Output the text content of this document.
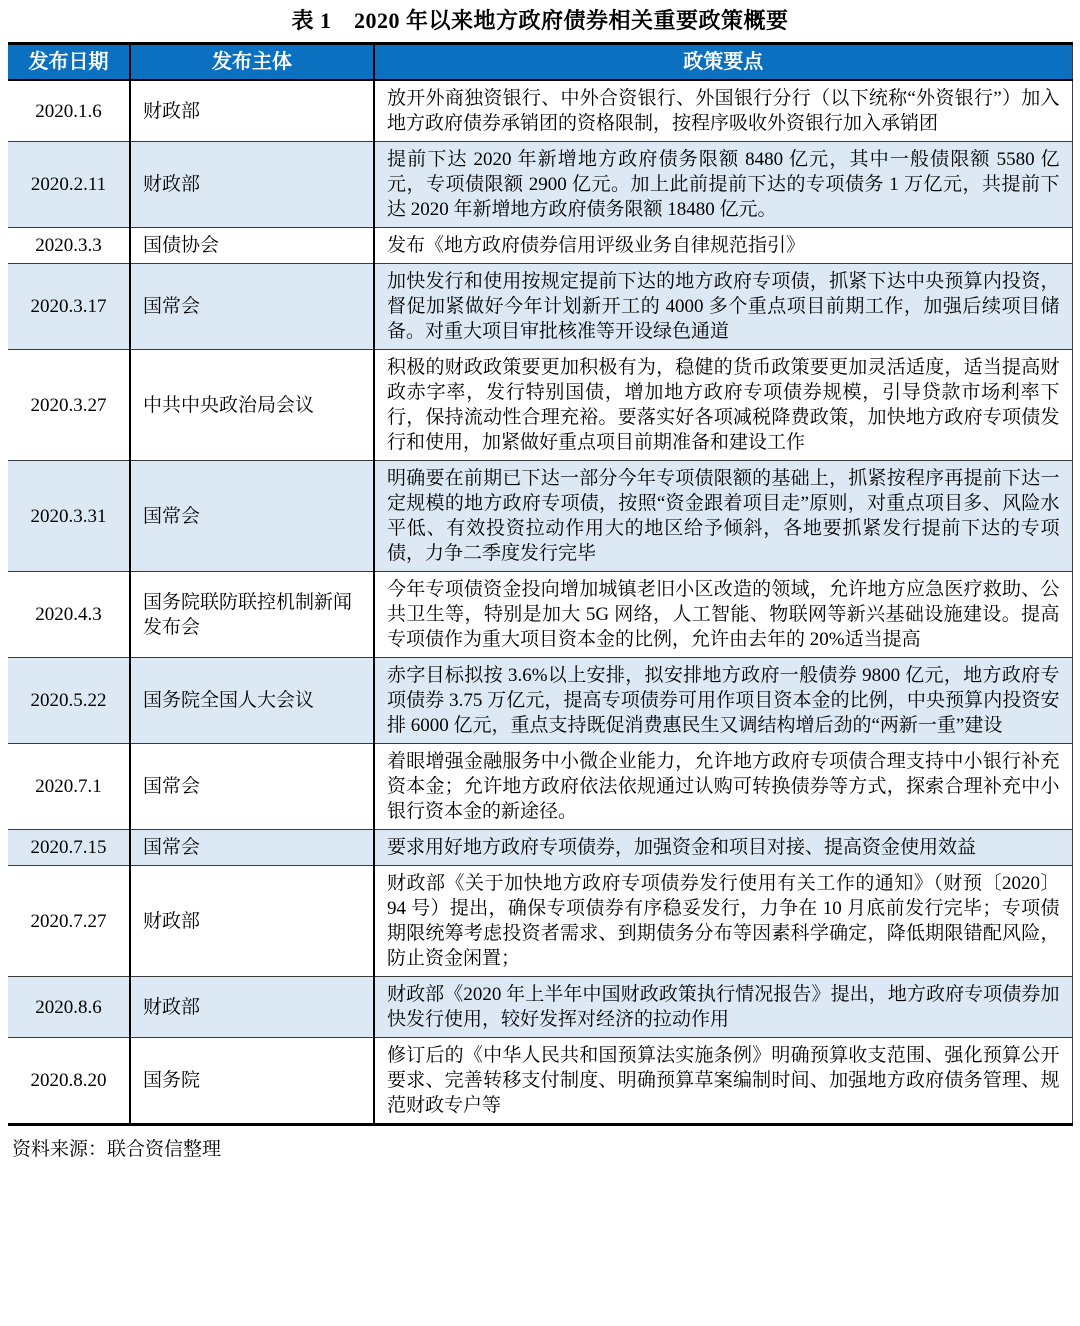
表 1　2020 年以来地方政府债券相关重要政策概要
发布日期	发布主体	政策要点
2020.1.6	财政部	放开外商独资银行、中外合资银行、外国银行分行（以下统称“外资银行”）加入地方政府债券承销团的资格限制，按程序吸收外资银行加入承销团
2020.2.11	财政部	提前下达 2020 年新增地方政府债务限额 8480 亿元，其中一般债限额 5580 亿元，专项债限额 2900 亿元。加上此前提前下达的专项债务 1 万亿元，共提前下达 2020 年新增地方政府债务限额 18480 亿元。
2020.3.3	国债协会	发布《地方政府债券信用评级业务自律规范指引》
2020.3.17	国常会	加快发行和使用按规定提前下达的地方政府专项债，抓紧下达中央预算内投资，督促加紧做好今年计划新开工的 4000 多个重点项目前期工作，加强后续项目储备。对重大项目审批核准等开设绿色通道
2020.3.27	中共中央政治局会议	积极的财政政策要更加积极有为，稳健的货币政策要更加灵活适度，适当提高财政赤字率，发行特别国债，增加地方政府专项债券规模，引导贷款市场利率下行，保持流动性合理充裕。要落实好各项减税降费政策，加快地方政府专项债发行和使用，加紧做好重点项目前期准备和建设工作
2020.3.31	国常会	明确要在前期已下达一部分今年专项债限额的基础上，抓紧按程序再提前下达一定规模的地方政府专项债，按照“资金跟着项目走”原则，对重点项目多、风险水平低、有效投资拉动作用大的地区给予倾斜，各地要抓紧发行提前下达的专项债，力争二季度发行完毕
2020.4.3	国务院联防联控机制新闻发布会	今年专项债资金投向增加城镇老旧小区改造的领域，允许地方应急医疗救助、公共卫生等，特别是加大 5G 网络，人工智能、物联网等新兴基础设施建设。提高专项债作为重大项目资本金的比例，允许由去年的 20%适当提高
2020.5.22	国务院全国人大会议	赤字目标拟按 3.6%以上安排，拟安排地方政府一般债券 9800 亿元，地方政府专项债券 3.75 万亿元，提高专项债券可用作项目资本金的比例，中央预算内投资安排 6000 亿元，重点支持既促消费惠民生又调结构增后劲的“两新一重”建设
2020.7.1	国常会	着眼增强金融服务中小微企业能力，允许地方政府专项债合理支持中小银行补充资本金；允许地方政府依法依规通过认购可转换债券等方式，探索合理补充中小银行资本金的新途径。
2020.7.15	国常会	要求用好地方政府专项债券，加强资金和项目对接、提高资金使用效益
2020.7.27	财政部	财政部《关于加快地方政府专项债券发行使用有关工作的通知》（财预〔2020〕94 号）提出，确保专项债券有序稳妥发行，力争在 10 月底前发行完毕；专项债期限统筹考虑投资者需求、到期债务分布等因素科学确定，降低期限错配风险，防止资金闲置；
2020.8.6	财政部	财政部《2020 年上半年中国财政政策执行情况报告》提出，地方政府专项债券加快发行使用，较好发挥对经济的拉动作用
2020.8.20	国务院	修订后的《中华人民共和国预算法实施条例》明确预算收支范围、强化预算公开要求、完善转移支付制度、明确预算草案编制时间、加强地方政府债务管理、规范财政专户等
资料来源：联合资信整理
